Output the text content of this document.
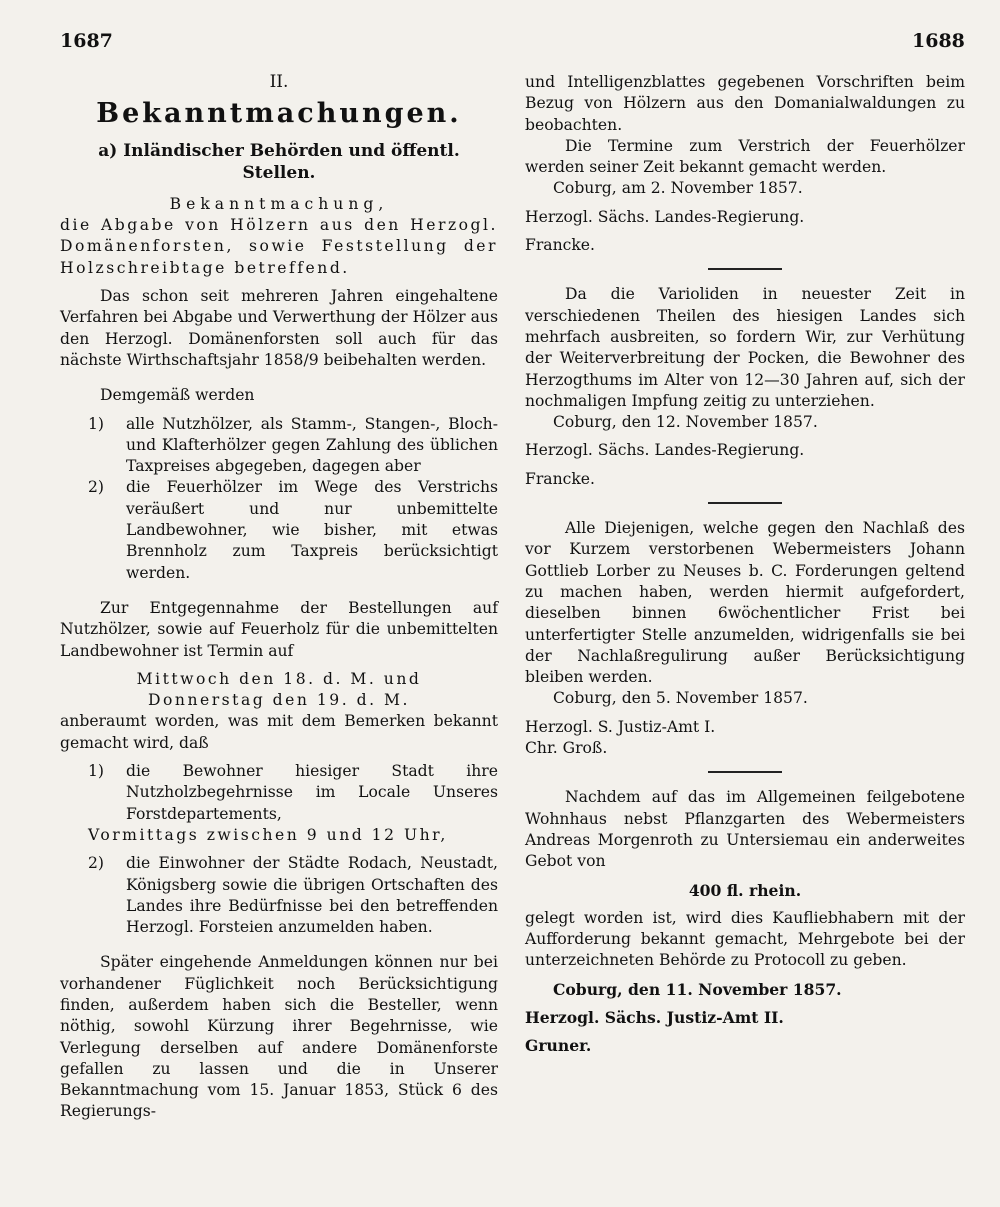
1687	1688

II.

Bekanntmachungen.

a) Inländischer Behörden und öffentl. Stellen.

Bekanntmachung,

die Abgabe von Hölzern aus den Herzogl. Domänenforsten, sowie Feststellung der Holzschreibtage betreffend.

Das schon seit mehreren Jahren eingehaltene Verfahren bei Abgabe und Verwerthung der Hölzer aus den Herzogl. Domänenforsten soll auch für das nächste Wirthschaftsjahr 1858/9 beibehalten werden.

Demgemäß werden

1) alle Nutzhölzer, als Stamm-, Stangen-, Bloch- und Klafterhölzer gegen Zahlung des üblichen Taxpreises abgegeben, dagegen aber
2) die Feuerhölzer im Wege des Verstrichs veräußert und nur unbemittelte Landbewohner, wie bisher, mit etwas Brennholz zum Taxpreis berücksichtigt werden.

Zur Entgegennahme der Bestellungen auf Nutzhölzer, sowie auf Feuerholz für die unbemittelten Landbewohner ist Termin auf

Mittwoch den 18. d. M. und

Donnerstag den 19. d. M.

anberaumt worden, was mit dem Bemerken bekannt gemacht wird, daß

1) die Bewohner hiesiger Stadt ihre Nutzholzbegehrnisse im Locale Unseres Forstdepartements,

Vormittags zwischen 9 und 12 Uhr,

2) die Einwohner der Städte Rodach, Neustadt, Königsberg sowie die übrigen Ortschaften des Landes ihre Bedürfnisse bei den betreffenden Herzogl. Forsteien anzumelden haben.

Später eingehende Anmeldungen können nur bei vorhandener Füglichkeit noch Berücksichtigung finden, außerdem haben sich die Besteller, wenn nöthig, sowohl Kürzung ihrer Begehrnisse, wie Verlegung derselben auf andere Domänenforste gefallen zu lassen und die in Unserer Bekanntmachung vom 15. Januar 1853, Stück 6 des Regierungs-

und Intelligenzblattes gegebenen Vorschriften beim Bezug von Hölzern aus den Domanialwaldungen zu beobachten.

Die Termine zum Verstrich der Feuerhölzer werden seiner Zeit bekannt gemacht werden.

Coburg, am 2. November 1857.

Herzogl. Sächs. Landes-Regierung.

Francke.

Da die Varioliden in neuester Zeit in verschiedenen Theilen des hiesigen Landes sich mehrfach ausbreiten, so fordern Wir, zur Verhütung der Weiterverbreitung der Pocken, die Bewohner des Herzogthums im Alter von 12—30 Jahren auf, sich der nochmaligen Impfung zeitig zu unterziehen.

Coburg, den 12. November 1857.

Herzogl. Sächs. Landes-Regierung.

Francke.

Alle Diejenigen, welche gegen den Nachlaß des vor Kurzem verstorbenen Webermeisters Johann Gottlieb Lorber zu Neuses b. C. Forderungen geltend zu machen haben, werden hiermit aufgefordert, dieselben binnen 6wöchentlicher Frist bei unterfertigter Stelle anzumelden, widrigenfalls sie bei der Nachlaßregulirung außer Berücksichtigung bleiben werden.

Coburg, den 5. November 1857.

Herzogl. S. Justiz-Amt I.

Chr. Groß.

Nachdem auf das im Allgemeinen feilgebotene Wohnhaus nebst Pflanzgarten des Webermeisters Andreas Morgenroth zu Untersiemau ein anderweites Gebot von

400 fl. rhein.

gelegt worden ist, wird dies Kaufliebhabern mit der Aufforderung bekannt gemacht, Mehrgebote bei der unterzeichneten Behörde zu Protocoll zu geben.

Coburg, den 11. November 1857.

Herzogl. Sächs. Justiz-Amt II.

Gruner.
